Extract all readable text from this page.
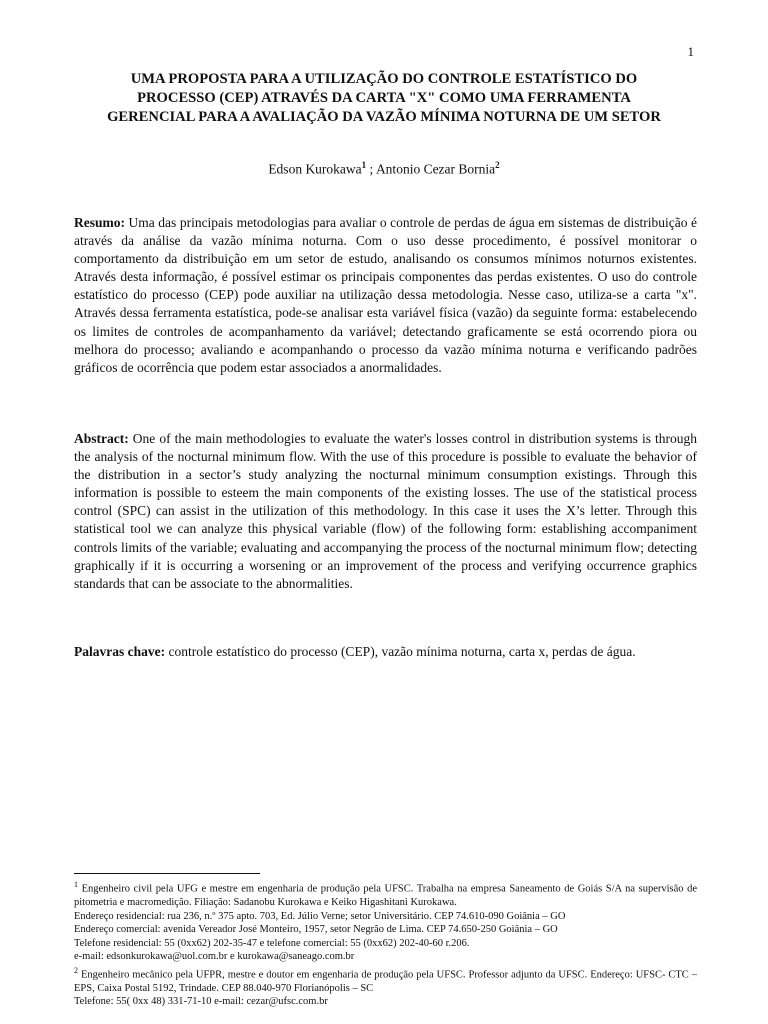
1
UMA PROPOSTA PARA A UTILIZAÇÃO DO CONTROLE ESTATÍSTICO DO
PROCESSO (CEP) ATRAVÉS DA CARTA "X" COMO UMA FERRAMENTA
GERENCIAL PARA A AVALIAÇÃO DA VAZÃO MÍNIMA NOTURNA DE UM SETOR
Edson Kurokawa$^1$ ; Antonio Cezar Bornia$^2$

Resumo: Uma das principais metodologias para avaliar o controle de perdas de água em sistemas de distribuição é através da análise da vazão mínima noturna. Com o uso desse procedimento, é possível monitorar o comportamento da distribuição em um setor de estudo, analisando os consumos mínimos noturnos existentes. Através desta informação, é possível estimar os principais componentes das perdas existentes. O uso do controle estatístico do processo (CEP) pode auxiliar na utilização dessa metodologia. Nesse caso, utiliza-se a carta "x". Através dessa ferramenta estatística, pode-se analisar esta variável física (vazão) da seguinte forma: estabelecendo os limites de controles de acompanhamento da variável; detectando graficamente se está ocorrendo piora ou melhora do processo; avaliando e acompanhando o processo da vazão mínima noturna e verificando padrões gráficos de ocorrência que podem estar associados a anormalidades.

Abstract: One of the main methodologies to evaluate the water's losses control in distribution systems is through the analysis of the nocturnal minimum flow. With the use of this procedure is possible to evaluate the behavior of the distribution in a sector’s study analyzing the nocturnal minimum consumption existings. Through this information is possible to esteem the main components of the existing losses. The use of the statistical process control (SPC) can assist in the utilization of this methodology. In this case it uses the X’s letter. Through this statistical tool we can analyze this physical variable (flow) of the following form: establishing accompaniment controls limits of the variable; evaluating and accompanying the process of the nocturnal minimum flow; detecting graphically if it is occurring a worsening or an improvement of the process and verifying occurrence graphics standards that can be associate to the abnormalities.

Palavras chave: controle estatístico do processo (CEP), vazão mínima noturna, carta x, perdas de água.

$^1$ Engenheiro civil pela UFG e mestre em engenharia de produção pela UFSC. Trabalha na empresa Saneamento de Goiás S/A na supervisão de pitometria e macromedição. Filiação: Sadanobu Kurokawa e Keiko Higashitani Kurokawa.

Endereço residencial: rua 236, n.º 375 apto. 703, Ed. Júlio Verne; setor Universitário. CEP 74.610-090 Goiânia – GO

Endereço comercial: avenida Vereador José Monteiro, 1957, setor Negrão de Lima. CEP 74.650-250 Goiânia – GO

Telefone residencial: 55 (0xx62) 202-35-47 e telefone comercial: 55 (0xx62) 202-40-60 r.206.

e-mail: edsonkurokawa@uol.com.br e kurokawa@saneago.com.br

$^2$ Engenheiro mecânico pela UFPR, mestre e doutor em engenharia de produção pela UFSC. Professor adjunto da UFSC. Endereço: UFSC- CTC – EPS, Caixa Postal 5192, Trindade. CEP 88.040-970 Florianópolis – SC

Telefone: 55( 0xx 48) 331-71-10 e-mail: cezar@ufsc.com.br
